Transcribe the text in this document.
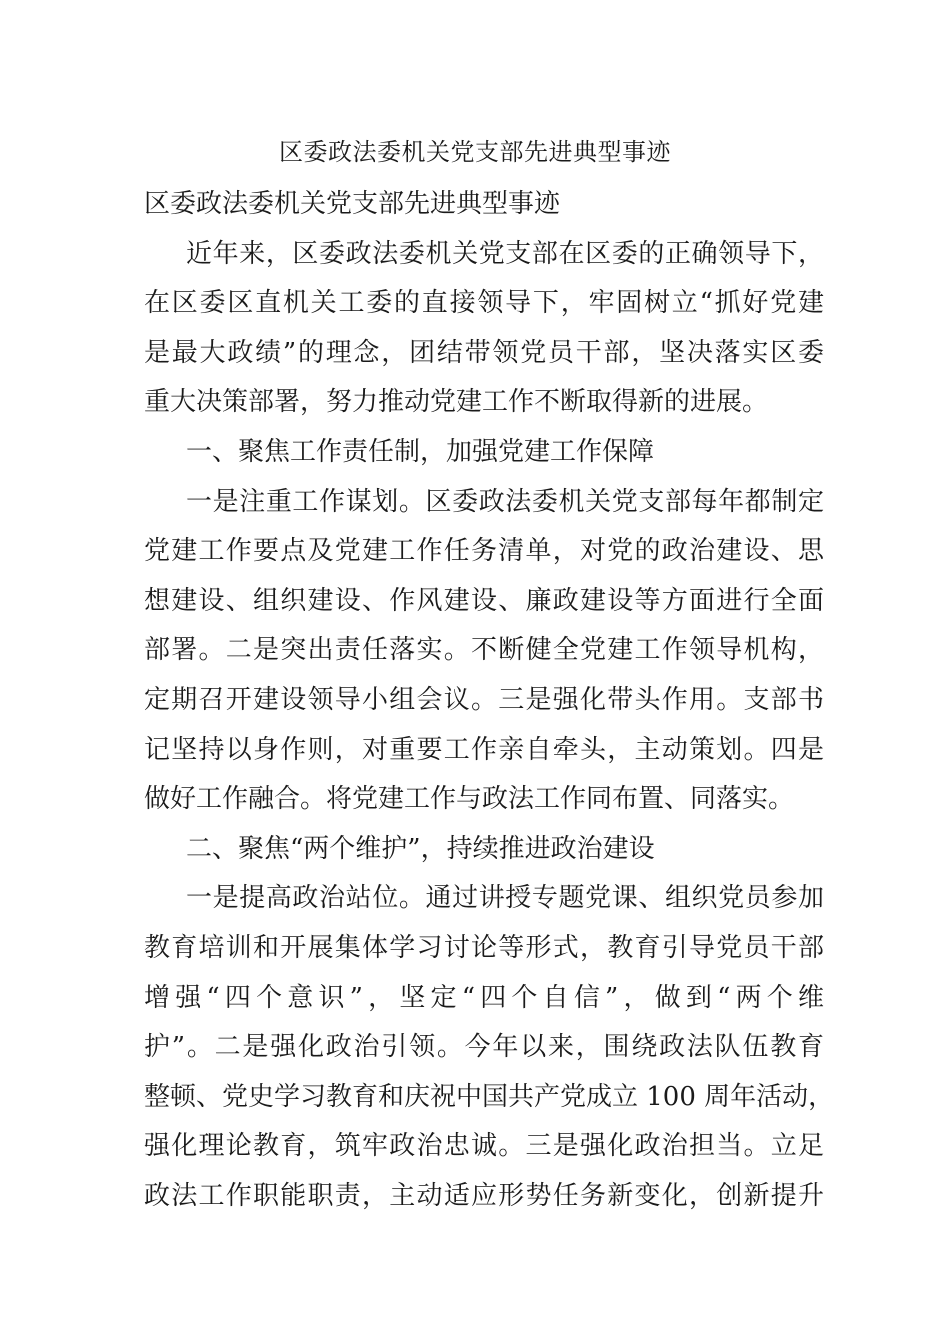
区委政法委机关党支部先进典型事迹
区委政法委机关党支部先进典型事迹
近年来，区委政法委机关党支部在区委的正确领导下，
在区委区直机关工委的直接领导下，牢固树立“抓好党建
是最大政绩”的理念，团结带领党员干部，坚决落实区委
重大决策部署，努力推动党建工作不断取得新的进展。
一、聚焦工作责任制，加强党建工作保障
一是注重工作谋划。区委政法委机关党支部每年都制定
党建工作要点及党建工作任务清单，对党的政治建设、思
想建设、组织建设、作风建设、廉政建设等方面进行全面
部署。二是突出责任落实。不断健全党建工作领导机构，
定期召开建设领导小组会议。三是强化带头作用。支部书
记坚持以身作则，对重要工作亲自牵头，主动策划。四是
做好工作融合。将党建工作与政法工作同布置、同落实。
二、聚焦“两个维护”，持续推进政治建设
一是提高政治站位。通过讲授专题党课、组织党员参加
教育培训和开展集体学习讨论等形式，教育引导党员干部
增强“四个意识”，坚定“四个自信”，做到“两个维
护”。二是强化政治引领。今年以来，围绕政法队伍教育
整顿、党史学习教育和庆祝中国共产党成立 100 周年活动，
强化理论教育，筑牢政治忠诚。三是强化政治担当。立足
政法工作职能职责，主动适应形势任务新变化，创新提升
